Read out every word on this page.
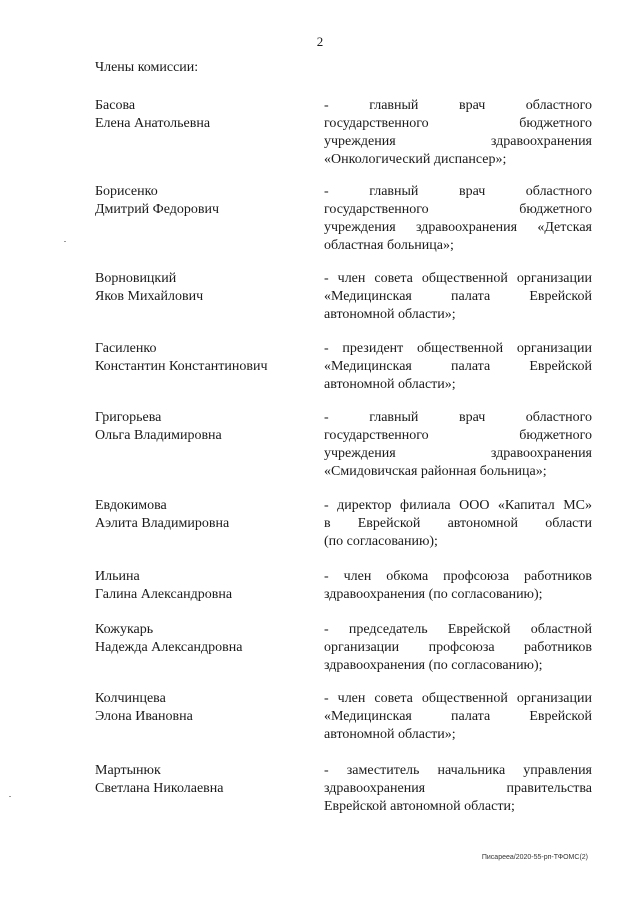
2
Члены комиссии:
Басова
Елена Анатольевна
- главный врач областного
государственного бюджетного
учреждения здравоохранения
«Онкологический диспансер»;
Борисенко
Дмитрий Федорович
- главный врач областного
государственного бюджетного
учреждения здравоохранения «Детская
областная больница»;
Ворновицкий
Яков Михайлович
- член совета общественной организации
«Медицинская палата Еврейской
автономной области»;
Гасиленко
Константин Константинович
- президент общественной организации
«Медицинская палата Еврейской
автономной области»;
Григорьева
Ольга Владимировна
- главный врач областного
государственного бюджетного
учреждения здравоохранения
«Смидовичская районная больница»;
Евдокимова
Аэлита Владимировна
- директор филиала ООО «Капитал МС»
в Еврейской автономной области
(по согласованию);
Ильина
Галина Александровна
- член обкома профсоюза работников
здравоохранения (по согласованию);
Кожукарь
Надежда Александровна
- председатель Еврейской областной
организации профсоюза работников
здравоохранения (по согласованию);
Колчинцева
Элона Ивановна
- член совета общественной организации
«Медицинская палата Еврейской
автономной области»;
Мартынюк
Светлана Николаевна
- заместитель начальника управления
здравоохранения правительства
Еврейской автономной области;
Писареeа/2020-55-рп-ТФОМС(2)
